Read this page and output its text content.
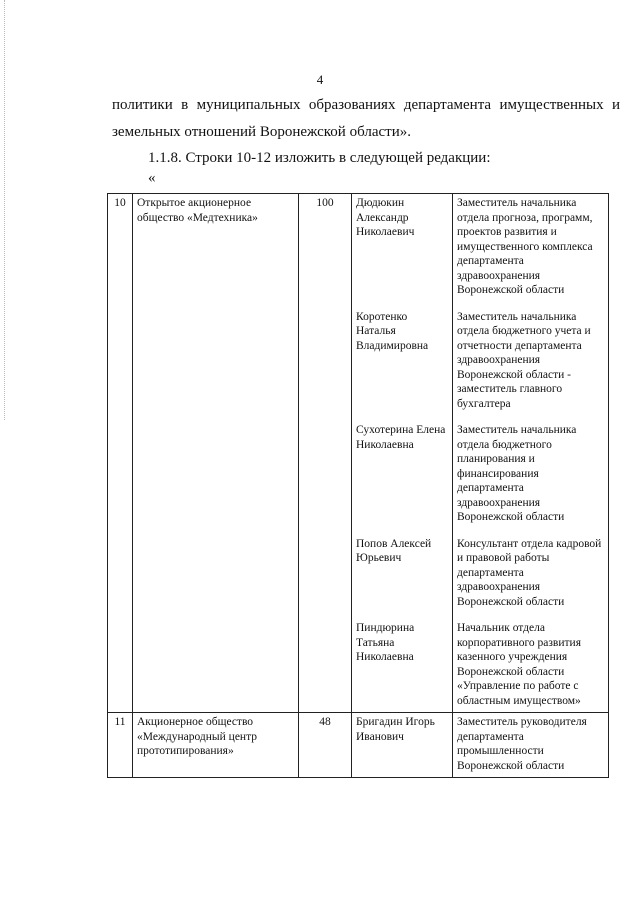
4
политики в муниципальных образованиях департамента имущественных и
земельных отношений Воронежской области».
1.1.8. Строки 10-12 изложить в следующей редакции:
«
10	Открытое акционерное общество «Медтехника»	100	Дюдюкин Александр Николаевич	Заместитель начальника отдела прогноза, программ, проектов развития и имущественного комплекса департамента здравоохранения Воронежской области
			Коротенко Наталья Владимировна	Заместитель начальника отдела бюджетного учета и отчетности департамента здравоохранения Воронежской области - заместитель главного бухгалтера
			Сухотерина Елена Николаевна	Заместитель начальника отдела бюджетного планирования и финансирования департамента здравоохранения Воронежской области
			Попов Алексей Юрьевич	Консультант отдела кадровой и правовой работы департамента здравоохранения Воронежской области
			Пиндюрина Татьяна Николаевна	Начальник отдела корпоративного развития казенного учреждения Воронежской области «Управление по работе с областным имуществом»
11	Акционерное общество «Международный центр прототипирования»	48	Бригадин Игорь Иванович	Заместитель руководителя департамента промышленности Воронежской области
